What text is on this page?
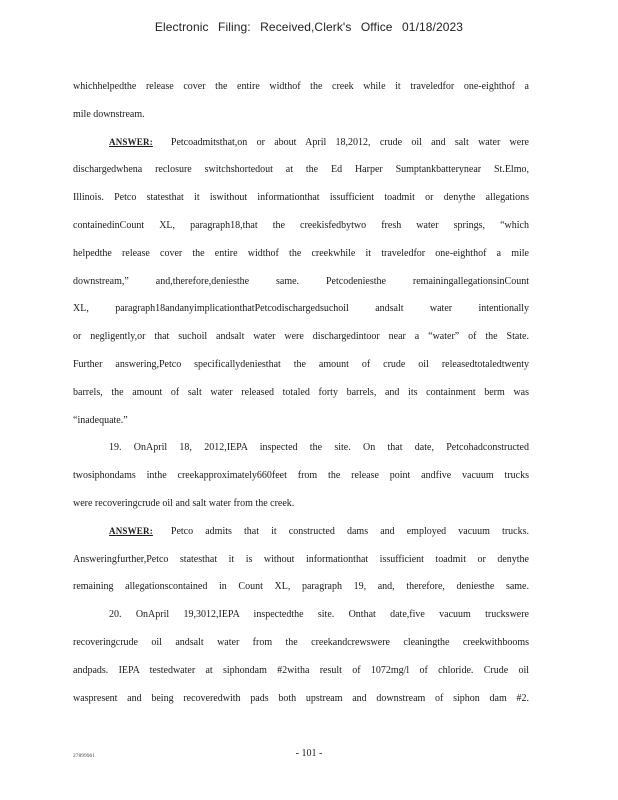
Electronic Filing: Received,Clerk's Office 01/18/2023
whichhelpedthe release cover the entire widthof the creek while it traveledfor one-eighthof a
mile downstream.
ANSWER: Petcoadmitsthat,on or about April 18,2012, crude oil and salt water were
dischargedwhena reclosure switchshortedout at the Ed Harper Sumptankbatterynear St.Elmo,
Illinois. Petco statesthat it iswithout informationthat issufficient toadmit or denythe allegations
containedinCount XL, paragraph18,that the creekisfedbytwo fresh water springs, “which
helpedthe release cover the entire widthof the creekwhile it traveledfor one-eighthof a mile
downstream,” and,therefore,deniesthe same. Petcodeniesthe remainingallegationsinCount
XL, paragraph18andanyimplicationthatPetcodischargedsuchoil andsalt water intentionally
or negligently,or that suchoil andsalt water were dischargedintoor near a “water” of the State.
Further answering,Petco specificallydeniesthat the amount of crude oil releasedtotaledtwenty
barrels, the amount of salt water released totaled forty barrels, and its containment berm was
“inadequate.”
19. OnApril 18, 2012,IEPA inspected the site. On that date, Petcohadconstructed
twosiphondams inthe creekapproximately660feet from the release point andfive vacuum trucks
were recoveringcrude oil and salt water from the creek.
ANSWER: Petco admits that it constructed dams and employed vacuum trucks.
Answeringfurther,Petco statesthat it is without informationthat issufficient toadmit or denythe
remaining allegationscontained in Count XL, paragraph 19, and, therefore, deniesthe same.
20. OnApril 19,3012,IEPA inspectedthe site. Onthat date,five vacuum truckswere
recoveringcrude oil andsalt water from the creekandcrewswere cleaningthe creekwithbooms
andpads. IEPA testedwater at siphondam #2witha result of 1072mg/l of chloride. Crude oil
waspresent and being recoveredwith pads both upstream and downstream of siphon dam #2.
27899961	- 101 -
